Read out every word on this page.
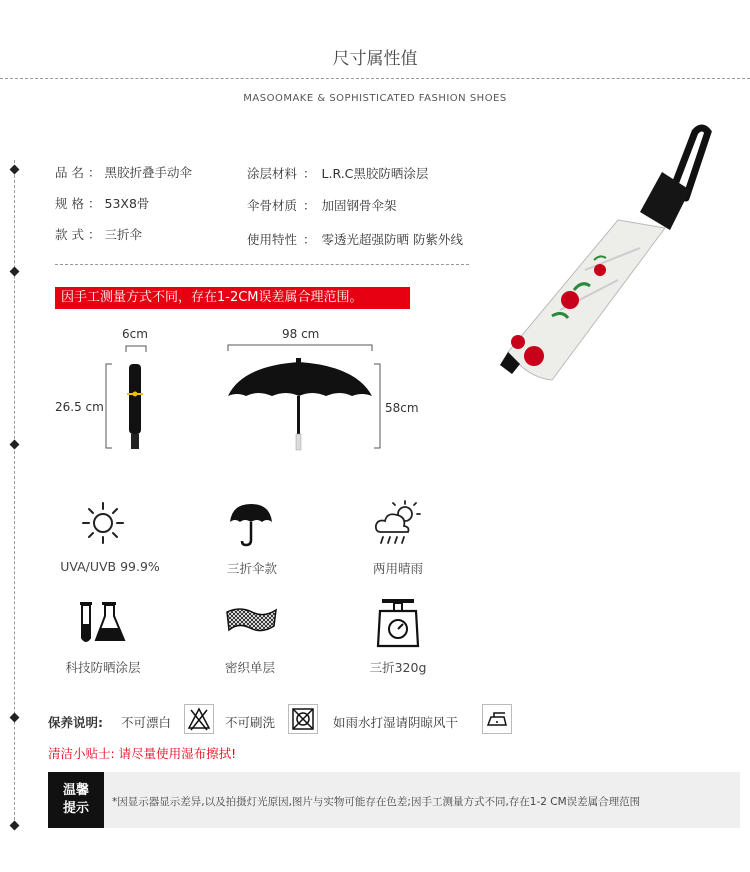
尺寸属性值
MASOOMAKE & SOPHISTICATED FASHION SHOES
品 名 ： 黑胶折叠手动伞
规 格 ： 53X8骨
款 式 ： 三折伞
涂层材料 ： L.R.C黑胶防晒涂层
伞骨材质 ： 加固钢骨伞架
使用特性 ： 零透光超强防晒 防紫外线
因手工测量方式不同，存在1-2CM误差属合理范围。
6cm
26.5 cm
98 cm
58cm
UVA/UVB 99.9%	三折伞款	两用晴雨
科技防晒涂层	密织单层	三折320g
保养说明: 不可漂白	不可刷洗	如雨水打湿请阴晾风干
清洁小贴士: 请尽量使用湿布擦拭!
温馨
提示	*因显示器显示差异,以及拍摄灯光原因,图片与实物可能存在色差;因手工测量方式不同,存在1-2 CM误差属合理范围
